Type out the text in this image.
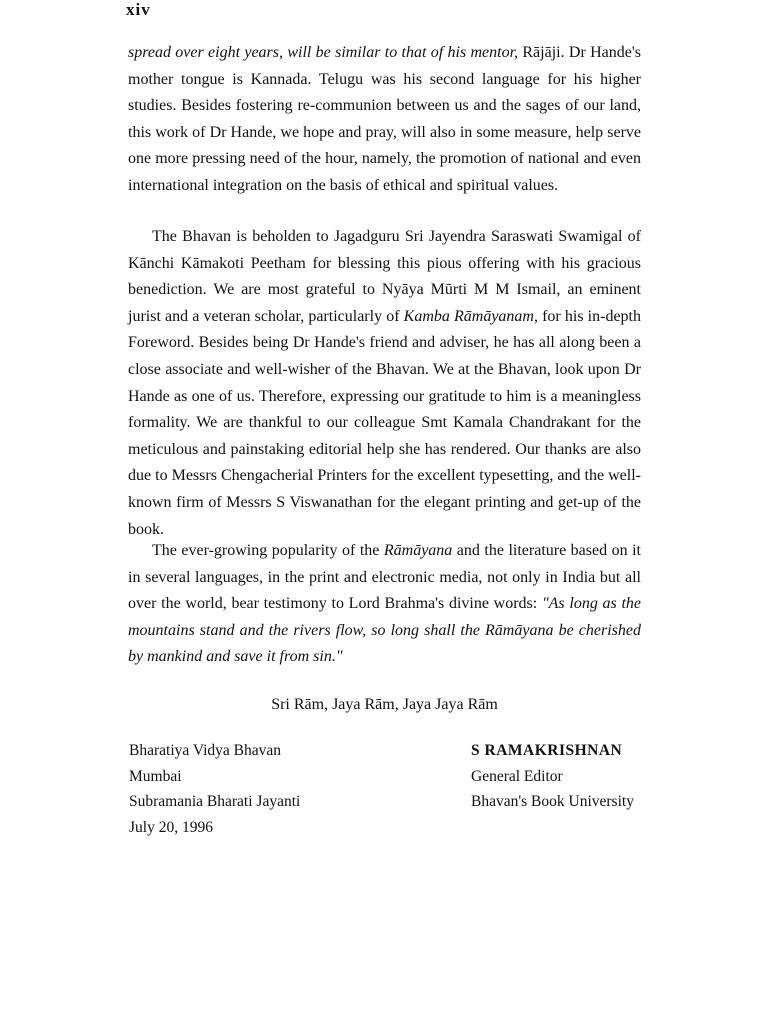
xiv

spread over eight years, will be similar to that of his mentor, Rājāji. Dr Hande's mother tongue is Kannada. Telugu was his second language for his higher studies. Besides fostering re-communion between us and the sages of our land, this work of Dr Hande, we hope and pray, will also in some measure, help serve one more pressing need of the hour, namely, the promotion of national and even international integration on the basis of ethical and spiritual values.

The Bhavan is beholden to Jagadguru Sri Jayendra Saraswati Swamigal of Kānchi Kāmakoti Peetham for blessing this pious offering with his gracious benediction. We are most grateful to Nyāya Mūrti M M Ismail, an eminent jurist and a veteran scholar, particularly of Kamba Rāmāyanam, for his in-depth Foreword. Besides being Dr Hande's friend and adviser, he has all along been a close associate and well-wisher of the Bhavan. We at the Bhavan, look upon Dr Hande as one of us. Therefore, expressing our gratitude to him is a meaningless formality. We are thankful to our colleague Smt Kamala Chandrakant for the meticulous and painstaking editorial help she has rendered. Our thanks are also due to Messrs Chengacherial Printers for the excellent typesetting, and the well-known firm of Messrs S Viswanathan for the elegant printing and get-up of the book.

The ever-growing popularity of the Rāmāyana and the literature based on it in several languages, in the print and electronic media, not only in India but all over the world, bear testimony to Lord Brahma's divine words: "As long as the mountains stand and the rivers flow, so long shall the Rāmāyana be cherished by mankind and save it from sin."

Sri Rām, Jaya Rām, Jaya Jaya Rām
Bharatiya Vidya Bhavan
Mumbai
Subramania Bharati Jayanti
July 20, 1996
S RAMAKRISHNAN
General Editor
Bhavan's Book University
